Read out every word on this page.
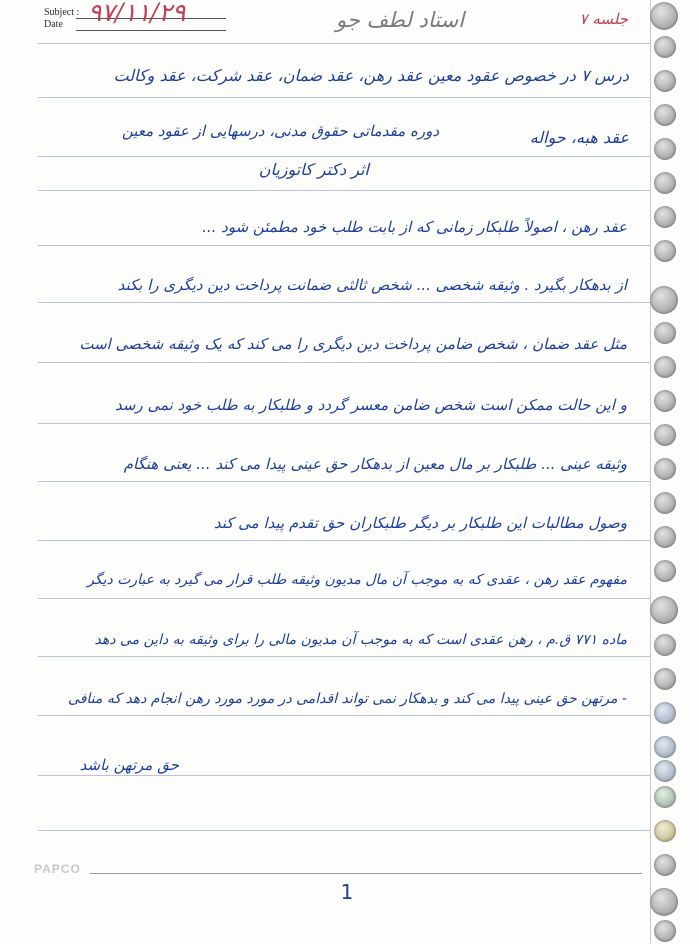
Subject :
Date ۹۷/۱۱/۲۹	استاد لطف جو	جلسه ۷
درس ۷ در خصوص عقود معین
عقد رهن، عقد ضمان، عقد شرکت، عقد وکالت
عقد هبه، حواله
دوره مقدماتی حقوق مدنی، درسهایی از عقود معین
اثر دکتر کاتوزیان
عقد رهن ، اصولاً طلبکار زمانی که از بابت طلب خود مطمئن شود ...
از بدهکار بگیرد . وثیقه شخصی ... شخص ثالثی ضمانت پرداخت دین دیگری را بکند
مثل عقد ضمان ، شخص ضامن پرداخت دین دیگری را می کند که یک وثیقه شخصی است
و این حالت ممکن است شخص ضامن معسر گردد و طلبکار به طلب خود نمی رسد
وثیقه عینی ... طلبکار بر مال معین از بدهکار حق عینی پیدا می کند ... یعنی هنگام
وصول مطالبات این طلبکار بر دیگر طلبکاران حق تقدم پیدا می کند
مفهوم عقد رهن ، عقدی که به موجب آن مال مدیون وثیقه طلب قرار می گیرد به عبارت دیگر
ماده ۷۷۱ ق.م ، رهن عقدی است که به موجب آن مدیون مالی را برای وثیقه به داین می دهد
- مرتهن حق عینی پیدا می کند و بدهکار نمی تواند اقدامی در مورد مورد رهن انجام دهد که منافی
حق مرتهن باشد
PAPCO
1
